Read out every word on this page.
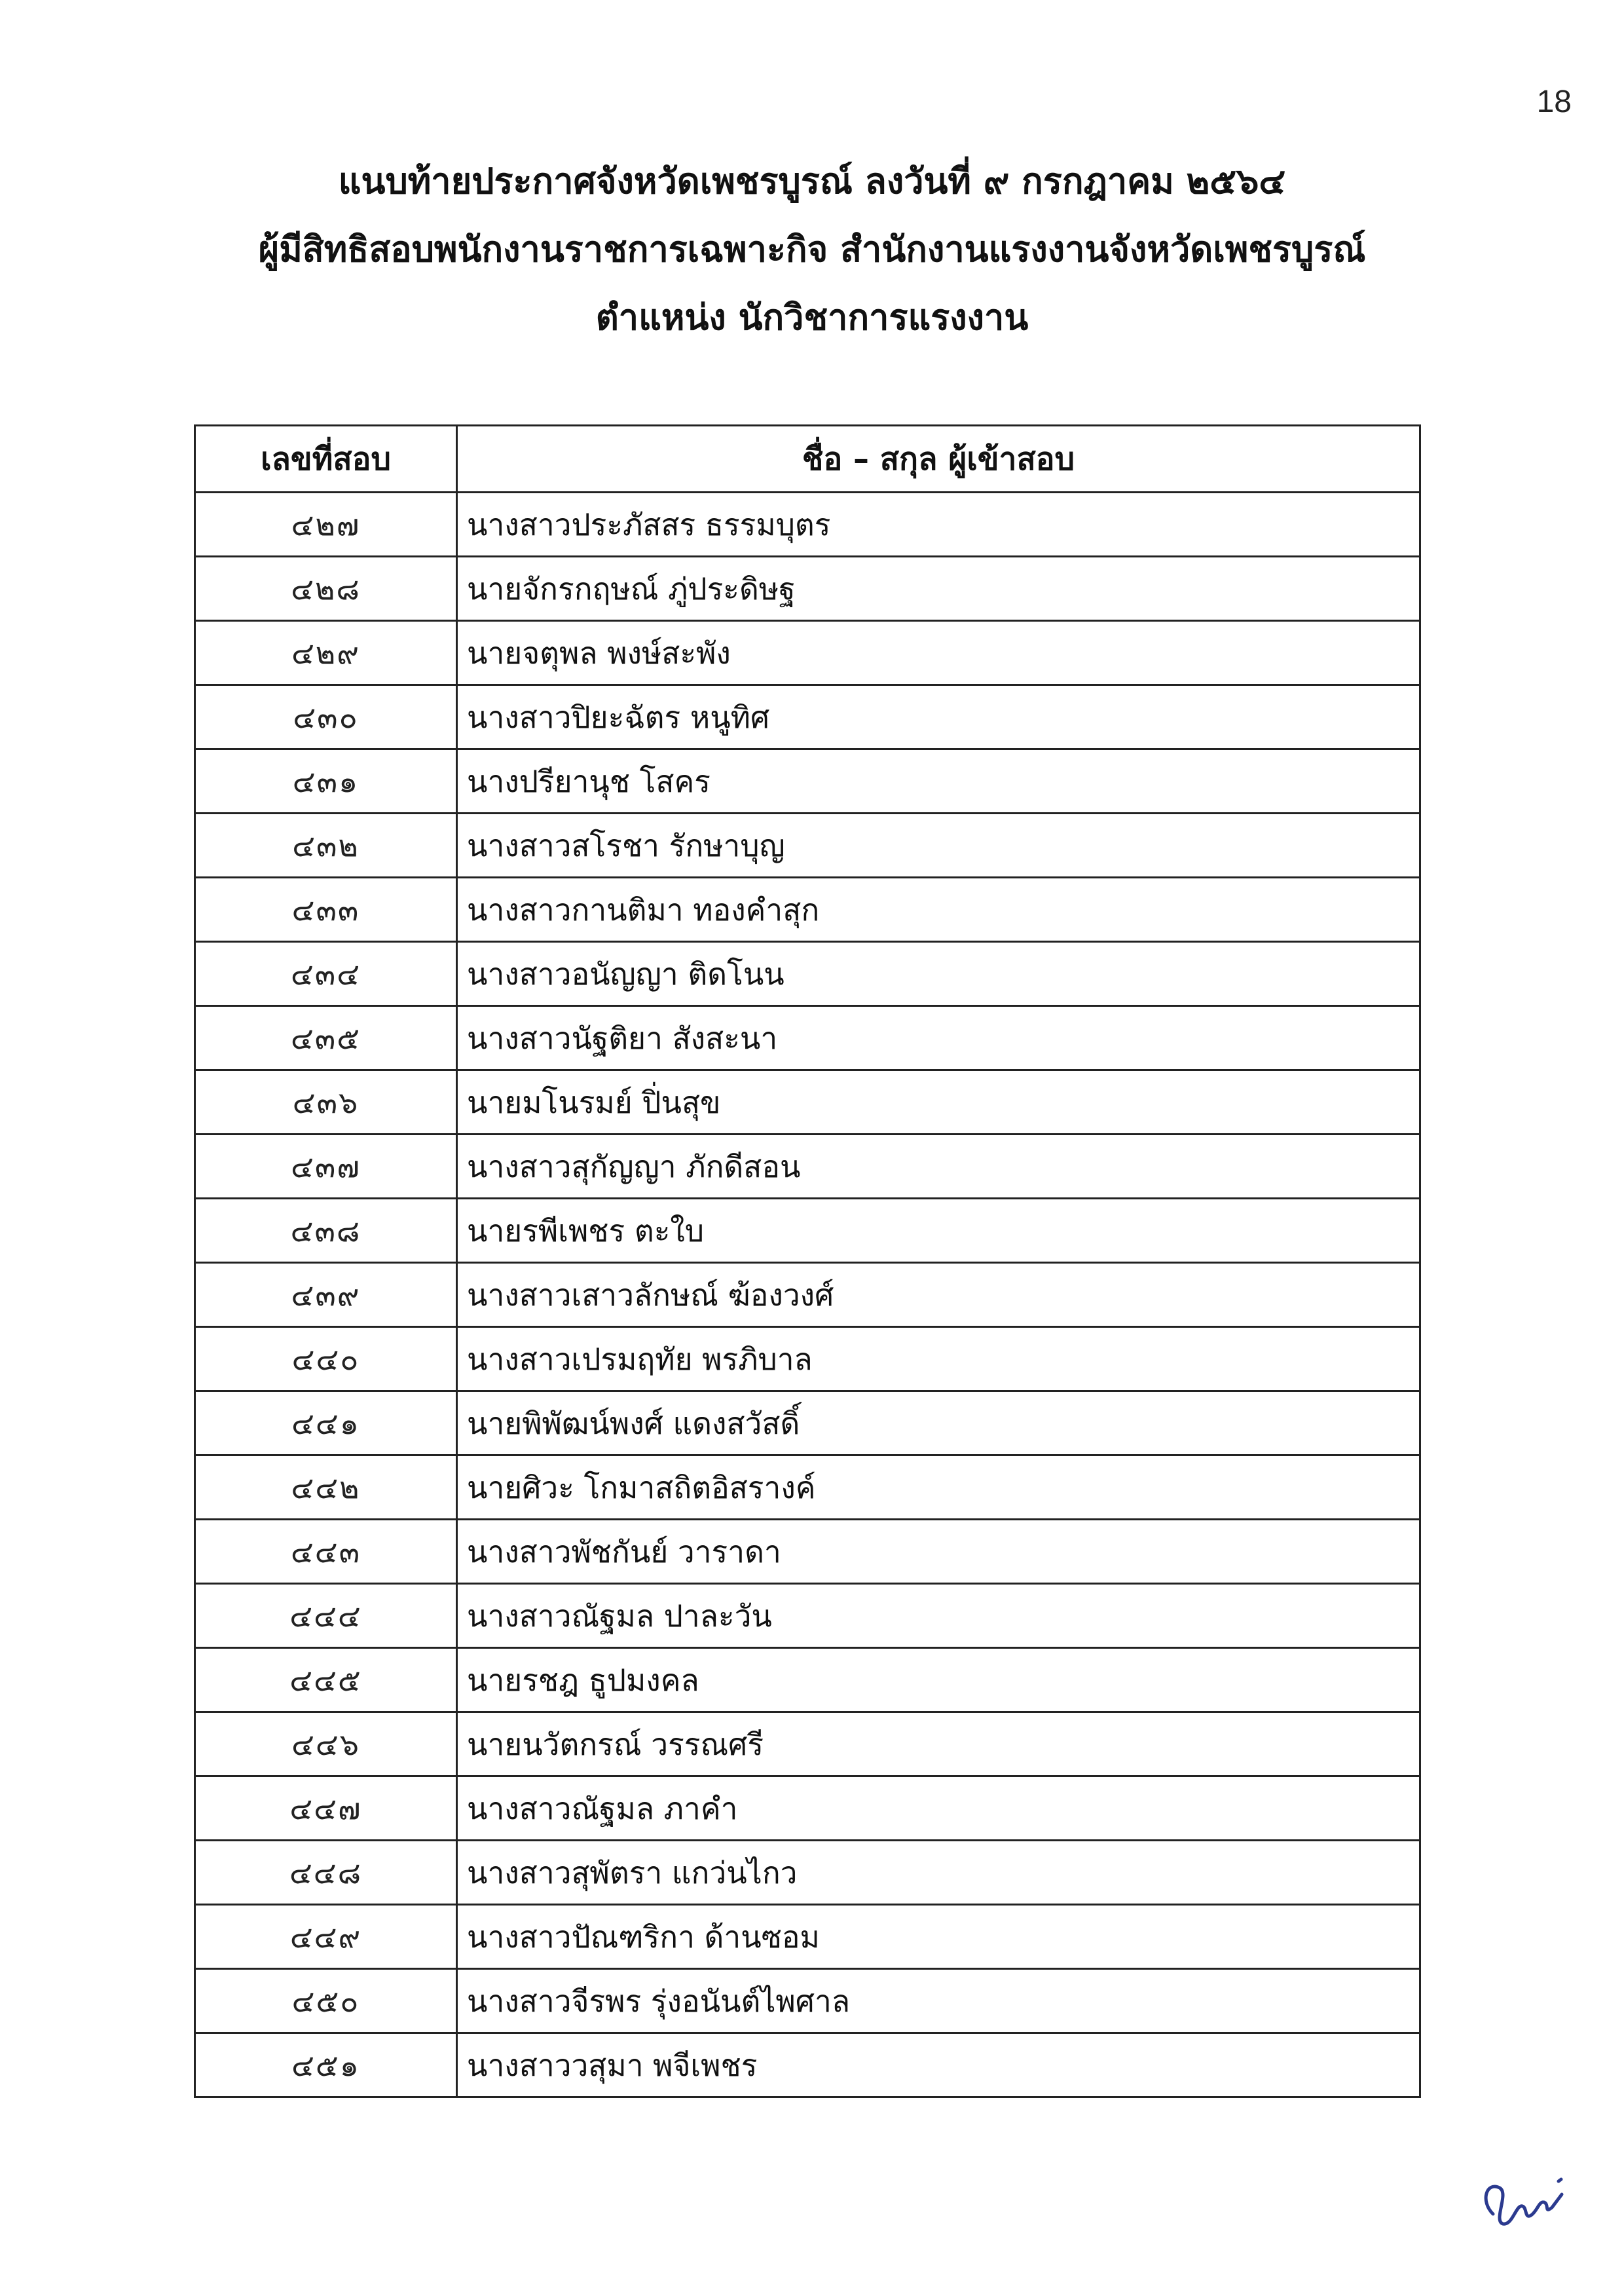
18
แนบท้ายประกาศจังหวัดเพชรบูรณ์ ลงวันที่ ๙ กรกฎาคม ๒๕๖๔
ผู้มีสิทธิสอบพนักงานราชการเฉพาะกิจ สำนักงานแรงงานจังหวัดเพชรบูรณ์
ตำแหน่ง นักวิชาการแรงงาน
เลขที่สอบ	ชื่อ – สกุล ผู้เข้าสอบ
๔๒๗	นางสาวประภัสสร ธรรมบุตร
๔๒๘	นายจักรกฤษณ์ ภู่ประดิษฐ
๔๒๙	นายจตุพล พงษ์สะพัง
๔๓๐	นางสาวปิยะฉัตร หนูทิศ
๔๓๑	นางปรียานุช โสคร
๔๓๒	นางสาวสโรชา รักษาบุญ
๔๓๓	นางสาวกานติมา ทองคำสุก
๔๓๔	นางสาวอนัญญา ติดโนน
๔๓๕	นางสาวนัฐติยา สังสะนา
๔๓๖	นายมโนรมย์ ปิ่นสุข
๔๓๗	นางสาวสุกัญญา ภักดีสอน
๔๓๘	นายรพีเพชร ตะใบ
๔๓๙	นางสาวเสาวลักษณ์ ฆ้องวงศ์
๔๔๐	นางสาวเปรมฤทัย พรภิบาล
๔๔๑	นายพิพัฒน์พงศ์ แดงสวัสดิ์
๔๔๒	นายศิวะ โกมาสถิตอิสรางค์
๔๔๓	นางสาวพัชกันย์ วาราดา
๔๔๔	นางสาวณัฐมล ปาละวัน
๔๔๕	นายรชฎ ธูปมงคล
๔๔๖	นายนวัตกรณ์ วรรณศรี
๔๔๗	นางสาวณัฐมล ภาคำ
๔๔๘	นางสาวสุพัตรา แกว่นไกว
๔๔๙	นางสาวปัณฑริกา ด้านซอม
๔๕๐	นางสาวจีรพร รุ่งอนันต์ไพศาล
๔๕๑	นางสาววสุมา พจีเพชร
